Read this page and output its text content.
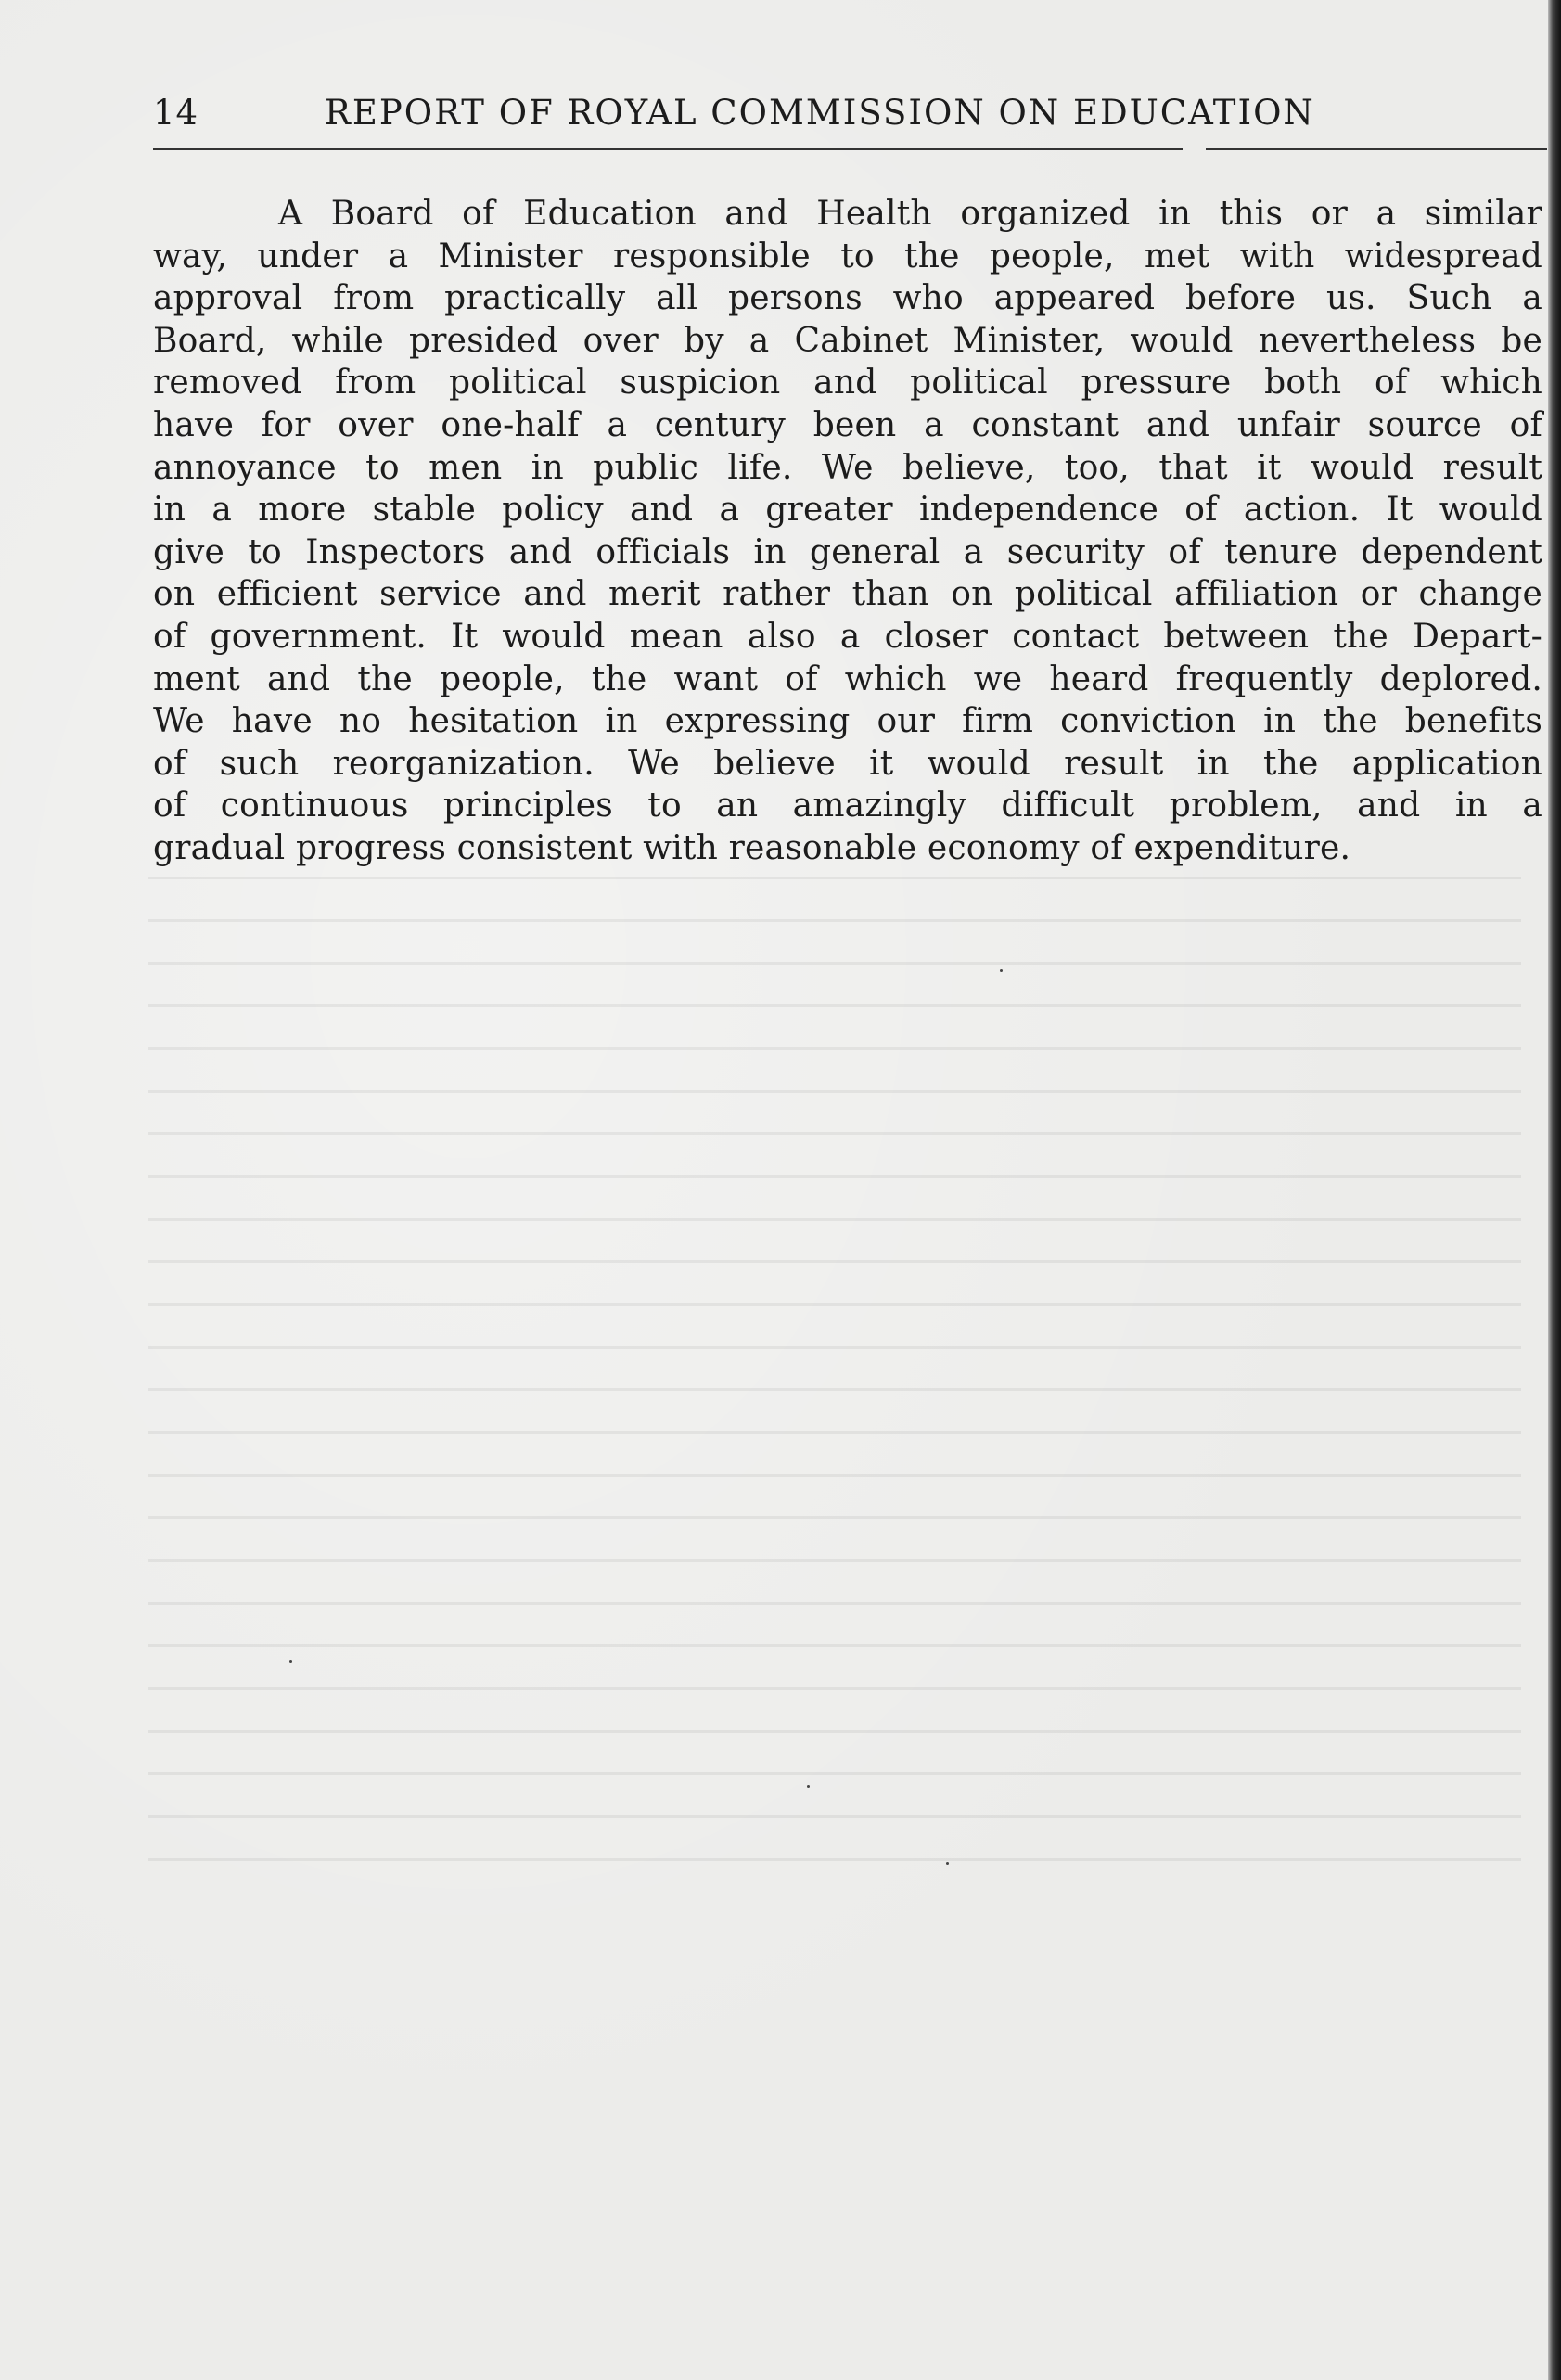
14	REPORT OF ROYAL COMMISSION ON EDUCATION
A Board of Education and Health organized in this or a similar
way, under a Minister responsible to the people, met with widespread
approval from practically all persons who appeared before us. Such a
Board, while presided over by a Cabinet Minister, would nevertheless be
removed from political suspicion and political pressure both of which
have for over one-half a century been a constant and unfair source of
annoyance to men in public life. We believe, too, that it would result
in a more stable policy and a greater independence of action. It would
give to Inspectors and officials in general a security of tenure dependent
on efficient service and merit rather than on political affiliation or change
of government. It would mean also a closer contact between the Depart-
ment and the people, the want of which we heard frequently deplored.
We have no hesitation in expressing our firm conviction in the benefits
of such reorganization. We believe it would result in the application
of continuous principles to an amazingly difficult problem, and in a
gradual progress consistent with reasonable economy of expenditure.
